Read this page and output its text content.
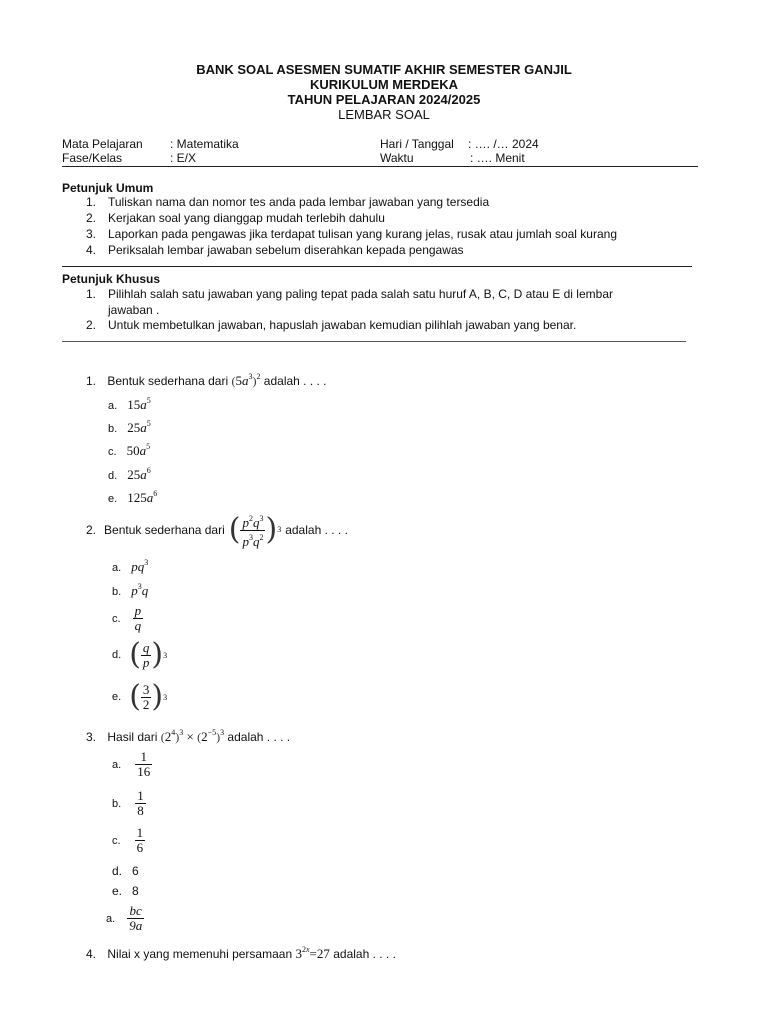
BANK SOAL ASESMEN SUMATIF AKHIR SEMESTER GANJIL
KURIKULUM MERDEKA
TAHUN PELAJARAN 2024/2025
LEMBAR SOAL
Mata Pelajaran : Matematika	Hari / Tanggal : …. /… 2024
Fase/Kelas	: E/X	Waktu	: …. Menit
Petunjuk Umum
1. Tuliskan nama dan nomor tes anda pada lembar jawaban yang tersedia
2. Kerjakan soal yang dianggap mudah terlebih dahulu
3. Laporkan pada pengawas jika terdapat tulisan yang kurang jelas, rusak atau jumlah soal kurang
4. Periksalah lembar jawaban sebelum diserahkan kepada pengawas
Petunjuk Khusus
1. Pilihlah salah satu jawaban yang paling tepat pada salah satu huruf A, B, C, D atau E di lembar
jawaban .
2. Untuk membetulkan jawaban, hapuslah jawaban kemudian pilihlah jawaban yang benar.
1. Bentuk sederhana dari $(5a^3)^2$ adalah . . . .
a. $15a^5$
b. $25a^5$
c. $50a^5$
d. $25a^6$
e. $125a^6$
2. Bentuk sederhana dari ( $\frac{p^2q^3}{p^3q^2}$ ) 3 adalah . . . .
a. $pq^3$
b. $p^3q$
c. $\frac{p}{q}$
d. ( $\frac{q}{p}$ ) 3
e. ( $\frac{3}{2}$ ) 3
3. Hasil dari $(2^4)^3 \times (2^{-5})^3$ adalah . . . .
a. $\frac{1}{16}$
b. $\frac{1}{8}$
c. $\frac{1}{6}$
d. 6
e. 8
a. $\frac{bc}{9a}$
4. Nilai x yang memenuhi persamaan $3^{2x}=27$ adalah . . . .
